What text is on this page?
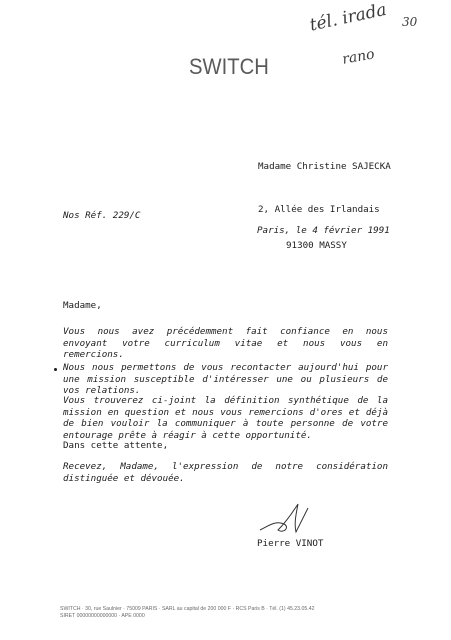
SWITCH
tél. irada 30
rano

Madame Christine SAJECKA

2, Allée des Irlandais

91300 MASSY

Nos Réf. 229/C
Paris, le 4 février 1991
Madame,
Vous nous avez précédemment fait confiance en nous envoyant votre curriculum vitae et nous vous en remercions.
Nous nous permettons de vous recontacter aujourd'hui pour une mission susceptible d'intéresser une ou plusieurs de vos relations.
Vous trouverez ci-joint la définition synthétique de la mission en question et nous vous remercions d'ores et déjà de bien vouloir la communiquer à toute personne de votre entourage prête à réagir à cette opportunité.
Dans cette attente,
Recevez, Madame, l'expression de notre considération distinguée et dévouée.
Pierre VINOT
SWITCH · 30, rue Saulnier · 75009 PARIS · SARL au capital de 200 000 F · RCS Paris B · Tél. (1) 45.23.05.42
SIRET 00000000000000 · APE 0000
